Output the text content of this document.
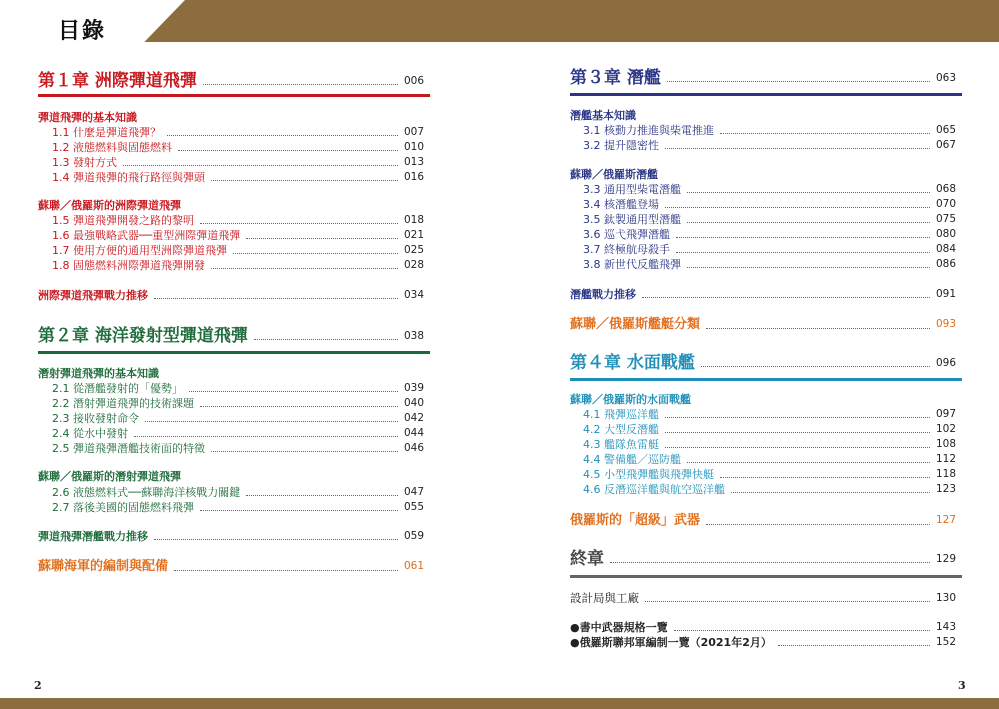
目錄
第１章 洲際彈道飛彈	006
彈道飛彈的基本知識
1.1 什麼是彈道飛彈？	007
1.2 液態燃料與固態燃料	010
1.3 發射方式	013
1.4 彈道飛彈的飛行路徑與彈頭	016
蘇聯／俄羅斯的洲際彈道飛彈
1.5 彈道飛彈開發之路的黎明	018
1.6 最強戰略武器──重型洲際彈道飛彈	021
1.7 使用方便的通用型洲際彈道飛彈	025
1.8 固態燃料洲際彈道飛彈開發	028
洲際彈道飛彈戰力推移	034
第２章 海洋發射型彈道飛彈	038
潛射彈道飛彈的基本知識
2.1 從潛艦發射的「優勢」	039
2.2 潛射彈道飛彈的技術課題	040
2.3 接收發射命令	042
2.4 從水中發射	044
2.5 彈道飛彈潛艦技術面的特徵	046
蘇聯／俄羅斯的潛射彈道飛彈
2.6 液態燃料式──蘇聯海洋核戰力關鍵	047
2.7 落後美國的固態燃料飛彈	055
彈道飛彈潛艦戰力推移	059
蘇聯海軍的編制與配備	061
2
第３章 潛艦	063
潛艦基本知識
3.1 核動力推進與柴電推進	065
3.2 提升隱密性	067
蘇聯／俄羅斯潛艦
3.3 通用型柴電潛艦	068
3.4 核潛艦登場	070
3.5 鈦製通用型潛艦	075
3.6 巡弋飛彈潛艦	080
3.7 終極航母殺手	084
3.8 新世代反艦飛彈	086
潛艦戰力推移	091
蘇聯／俄羅斯艦艇分類	093
第４章 水面戰艦	096
蘇聯／俄羅斯的水面戰艦
4.1 飛彈巡洋艦	097
4.2 大型反潛艦	102
4.3 艦隊魚雷艇	108
4.4 警備艦／巡防艦	112
4.5 小型飛彈艦與飛彈快艇	118
4.6 反潛巡洋艦與航空巡洋艦	123
俄羅斯的「超級」武器	127
終章	129
設計局與工廠	130
●書中武器規格一覽	143
●俄羅斯聯邦軍編制一覽（2021年2月）	152
3
